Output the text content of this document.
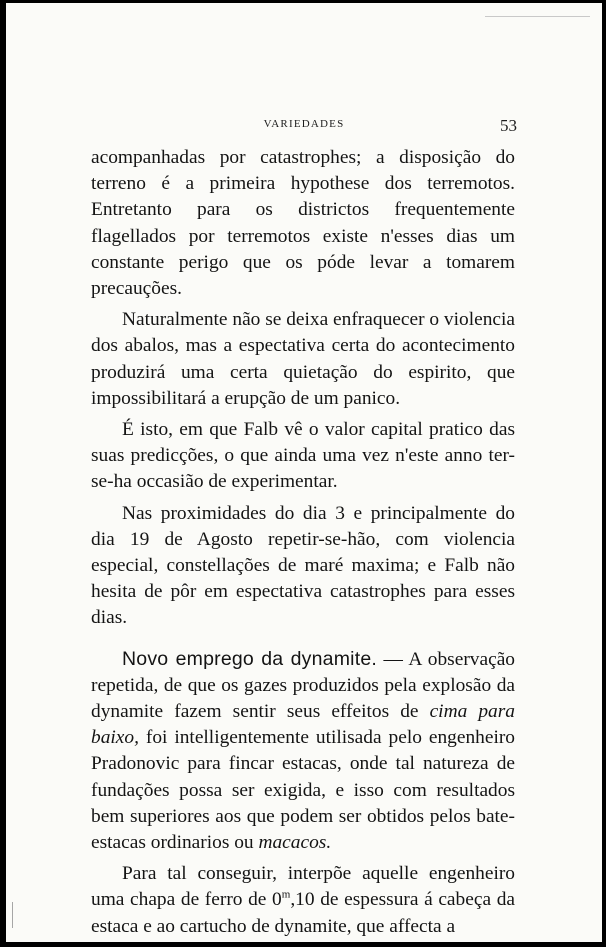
VARIEDADES	53

acompanhadas por catastrophes; a disposição do terreno é a primeira hypothese dos terremotos. Entretanto para os districtos frequentemente flagellados por terremotos existe n'esses dias um constante perigo que os póde levar a tomarem precauções.

Naturalmente não se deixa enfraquecer o violencia dos abalos, mas a espectativa certa do acontecimento produzirá uma certa quietação do espirito, que impossibilitará a erupção de um panico.

É isto, em que Falb vê o valor capital pratico das suas predicções, o que ainda uma vez n'este anno ter-se-ha occasião de experimentar.

Nas proximidades do dia 3 e principalmente do dia 19 de Agosto repetir-se-hão, com violencia especial, constellações de maré maxima; e Falb não hesita de pôr em espectativa catastrophes para esses dias.

Novo emprego da dynamite. — A observação repetida, de que os gazes produzidos pela explosão da dynamite fazem sentir seus effeitos de cima para baixo, foi intelligentemente utilisada pelo engenheiro Pradonovic para fincar estacas, onde tal natureza de fundações possa ser exigida, e isso com resultados bem superiores aos que podem ser obtidos pelos bate-estacas ordinarios ou macacos.

Para tal conseguir, interpõe aquelle engenheiro uma chapa de ferro de 0$^m$,10 de espessura á cabeça da estaca e ao cartucho de dynamite, que affecta a
